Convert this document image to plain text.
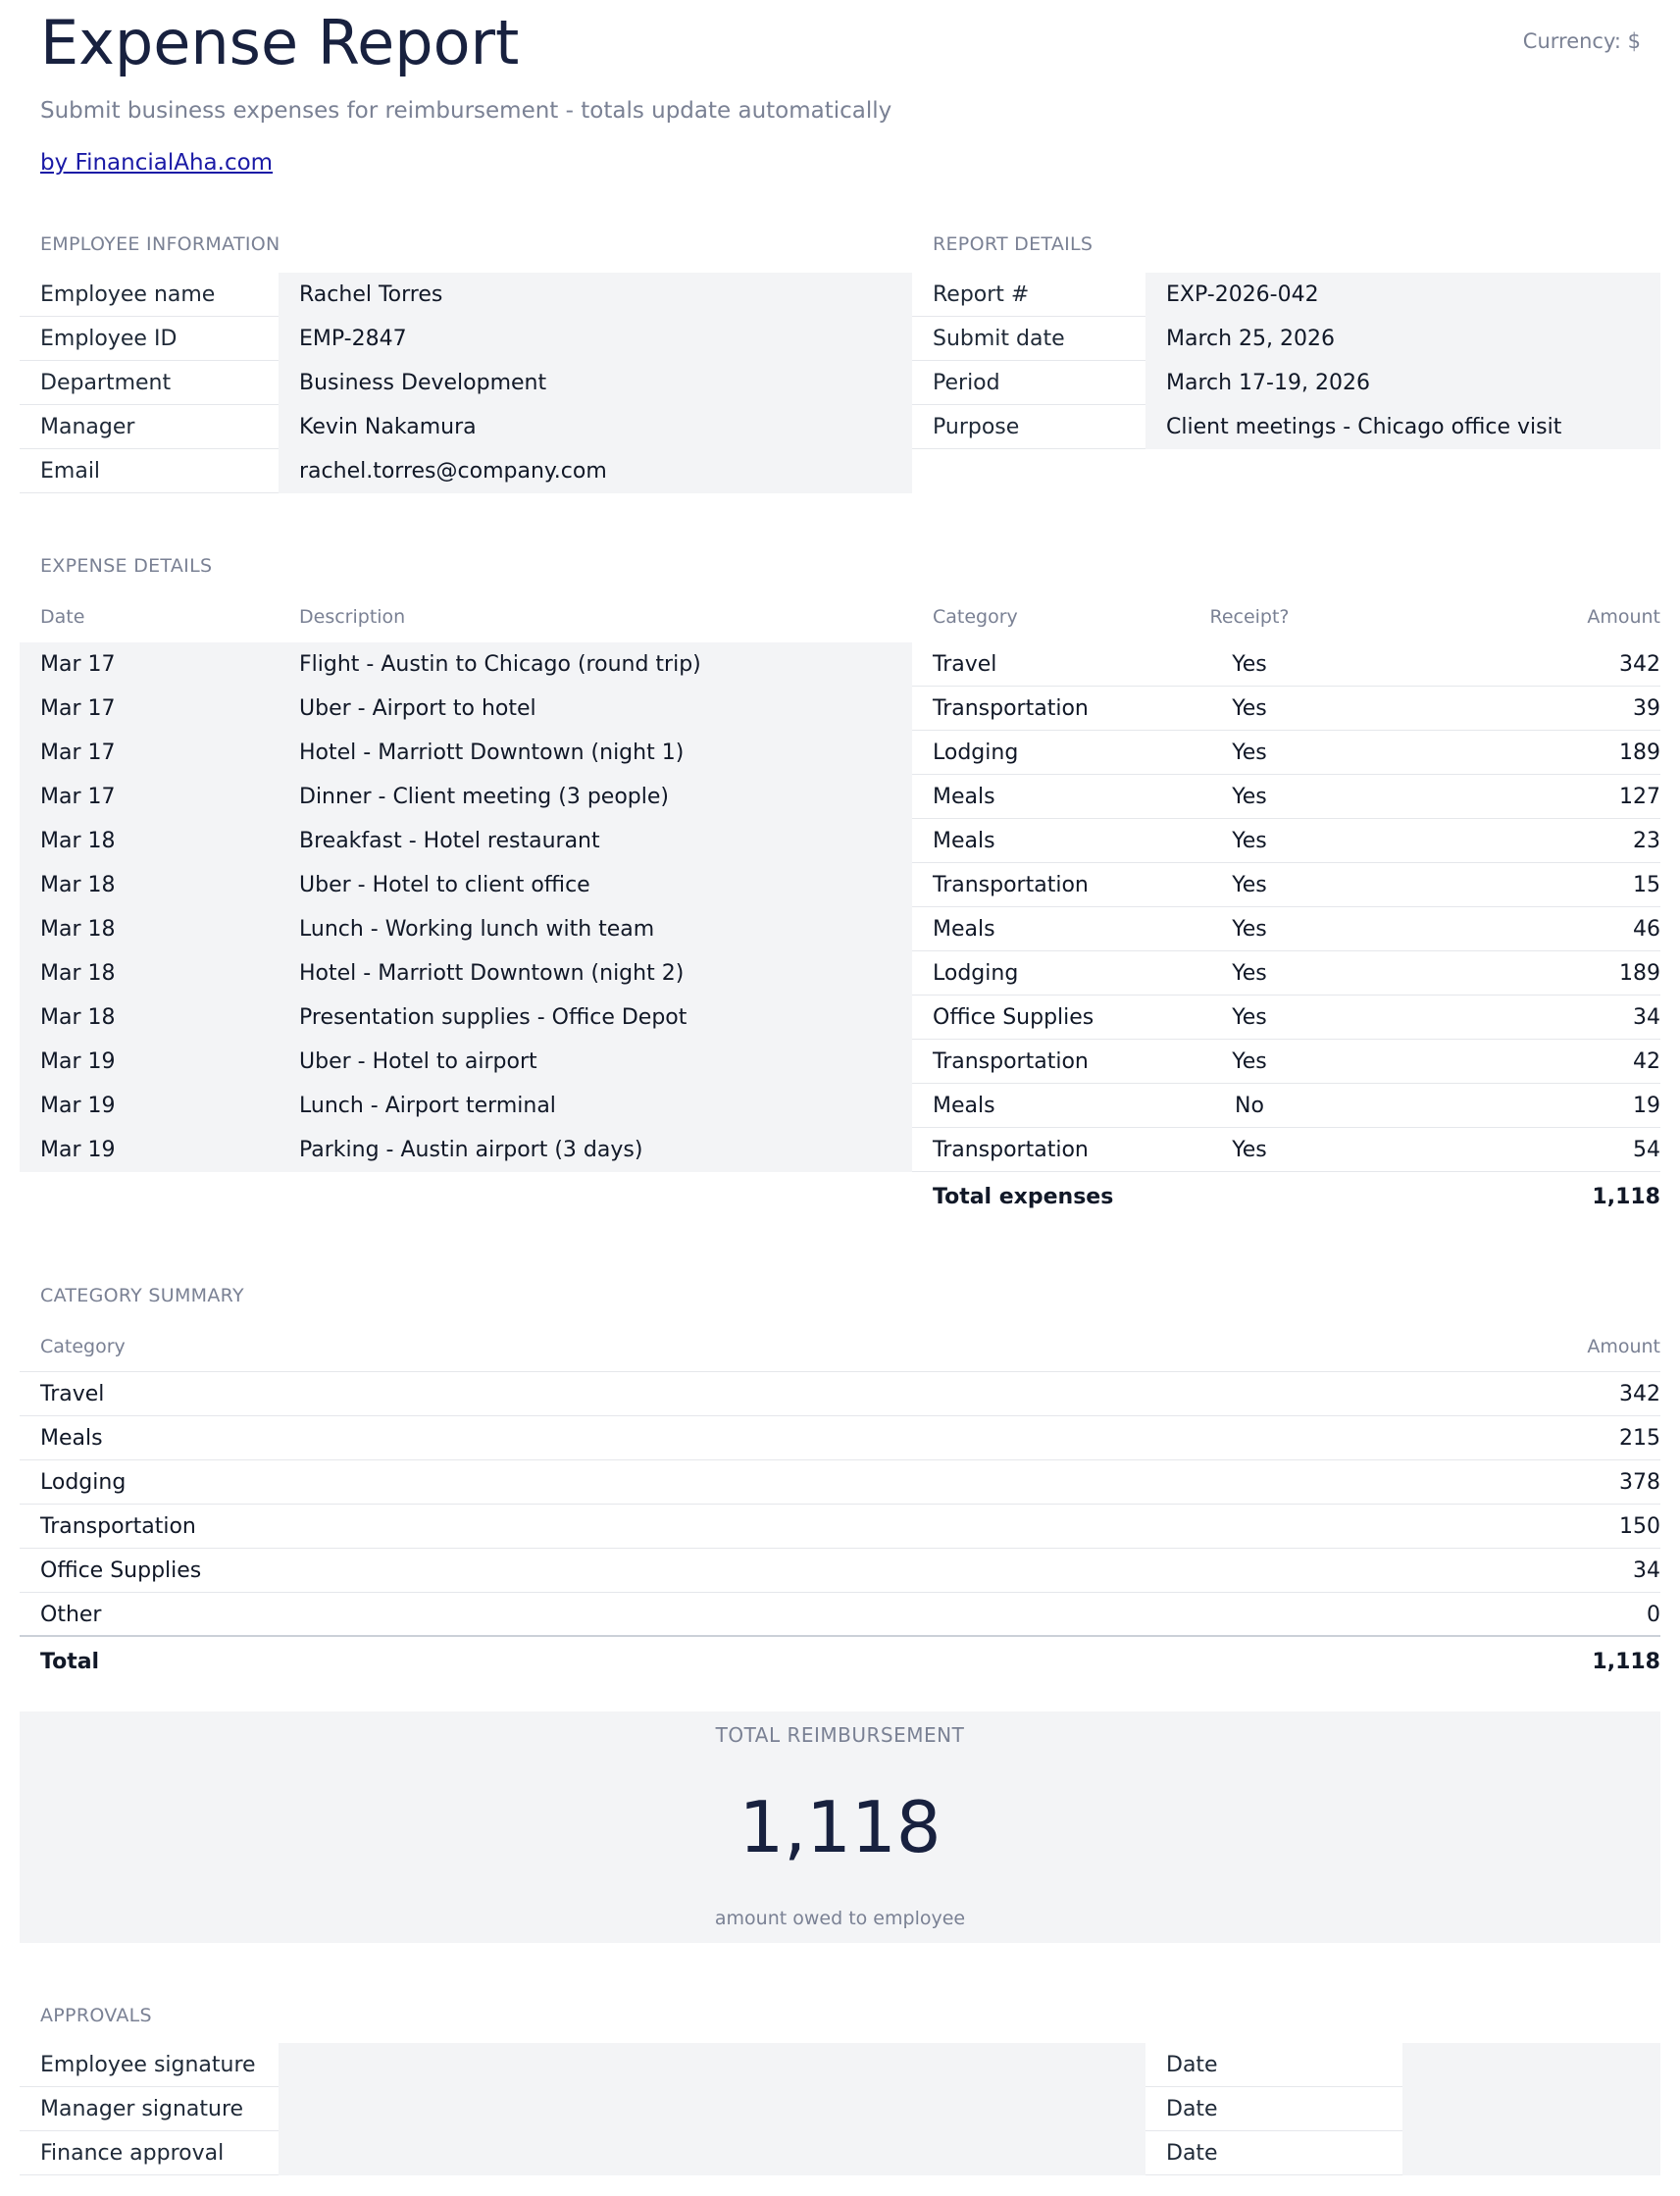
Expense Report	Currency: $
Submit business expenses for reimbursement - totals update automatically
by FinancialAha.com
EMPLOYEE INFORMATION
Employee name	Rachel Torres
Employee ID	EMP-2847
Department	Business Development
Manager	Kevin Nakamura
Email	rachel.torres@company.com
REPORT DETAILS
Report #	EXP-2026-042
Submit date	March 25, 2026
Period	March 17-19, 2026
Purpose	Client meetings - Chicago office visit
EXPENSE DETAILS
Date	Description	Category	Receipt?	Amount
Mar 17	Flight - Austin to Chicago (round trip)	Travel	Yes	342
Mar 17	Uber - Airport to hotel	Transportation	Yes	39
Mar 17	Hotel - Marriott Downtown (night 1)	Lodging	Yes	189
Mar 17	Dinner - Client meeting (3 people)	Meals	Yes	127
Mar 18	Breakfast - Hotel restaurant	Meals	Yes	23
Mar 18	Uber - Hotel to client office	Transportation	Yes	15
Mar 18	Lunch - Working lunch with team	Meals	Yes	46
Mar 18	Hotel - Marriott Downtown (night 2)	Lodging	Yes	189
Mar 18	Presentation supplies - Office Depot	Office Supplies	Yes	34
Mar 19	Uber - Hotel to airport	Transportation	Yes	42
Mar 19	Lunch - Airport terminal	Meals	No	19
Mar 19	Parking - Austin airport (3 days)	Transportation	Yes	54
Total expenses	1,118
CATEGORY SUMMARY
Category	Amount
Travel	342
Meals	215
Lodging	378
Transportation	150
Office Supplies	34
Other	0
Total	1,118
TOTAL REIMBURSEMENT
1,118
amount owed to employee
APPROVALS
Employee signature	Date
Manager signature	Date
Finance approval	Date
